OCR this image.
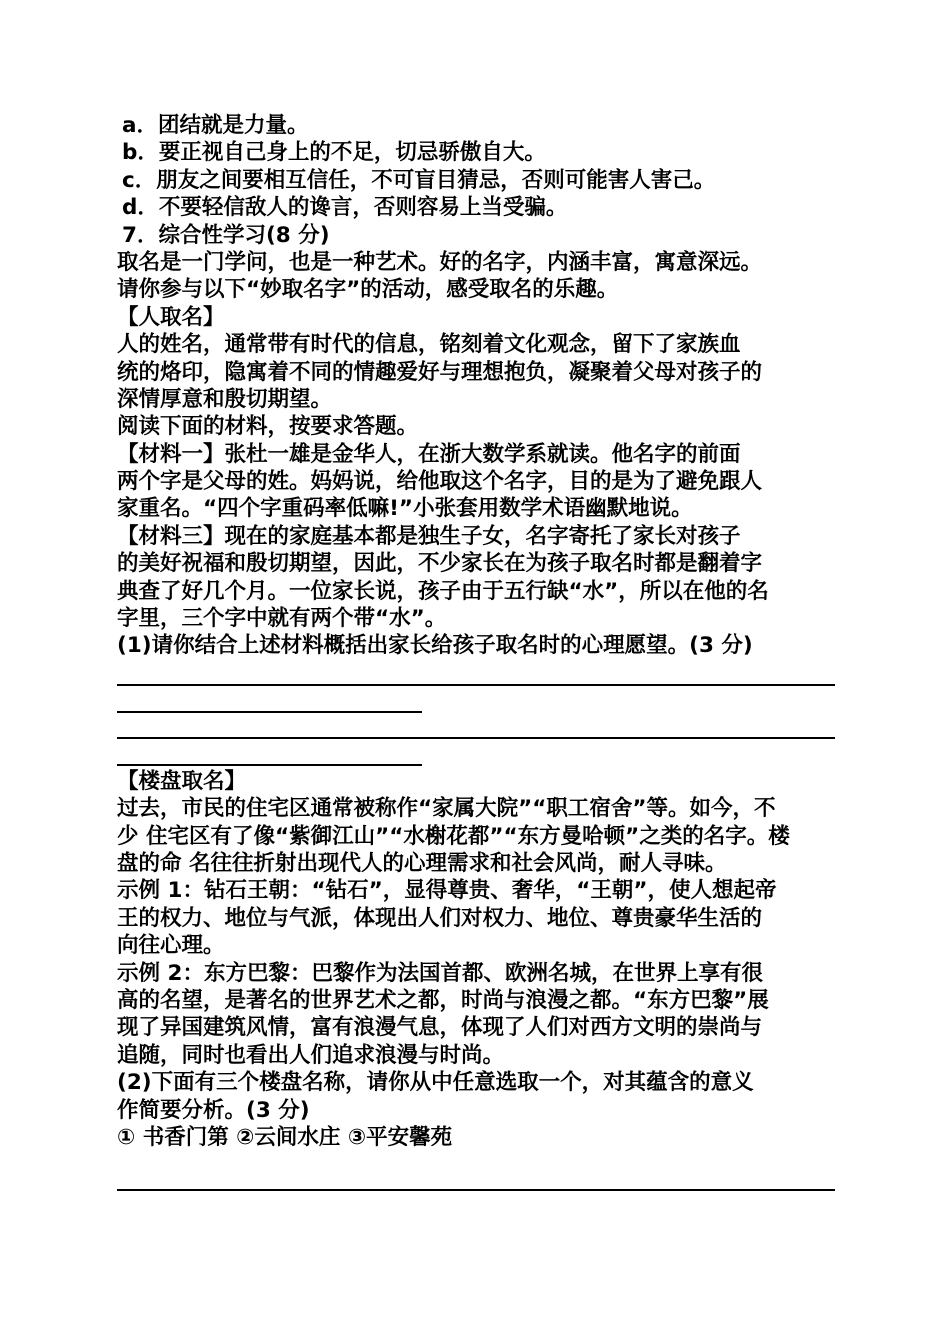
a．团结就是力量。
b．要正视自己身上的不足，切忌骄傲自大。
c．朋友之间要相互信任，不可盲目猜忌，否则可能害人害己。
d．不要轻信敌人的谗言，否则容易上当受骗。
7．综合性学习(8 分)
取名是一门学问，也是一种艺术。好的名字，内涵丰富，寓意深远。
请你参与以下“妙取名字”的活动，感受取名的乐趣。
【人取名】
人的姓名，通常带有时代的信息，铭刻着文化观念，留下了家族血
统的烙印，隐寓着不同的情趣爱好与理想抱负，凝聚着父母对孩子的
深情厚意和殷切期望。
阅读下面的材料，按要求答题。
【材料一】张杜一雄是金华人，在浙大数学系就读。他名字的前面
两个字是父母的姓。妈妈说，给他取这个名字，目的是为了避免跟人
家重名。“四个字重码率低嘛!”小张套用数学术语幽默地说。
【材料三】现在的家庭基本都是独生子女，名字寄托了家长对孩子
的美好祝福和殷切期望，因此，不少家长在为孩子取名时都是翻着字
典查了好几个月。一位家长说，孩子由于五行缺“水”，所以在他的名
字里，三个字中就有两个带“水”。
(1)请你结合上述材料概括出家长给孩子取名时的心理愿望。(3 分)
【楼盘取名】
过去，市民的住宅区通常被称作“家属大院”“职工宿舍”等。如今，不
少 住宅区有了像“紫御江山”“水榭花都”“东方曼哈顿”之类的名字。楼
盘的命 名往往折射出现代人的心理需求和社会风尚，耐人寻味。
示例 1：钻石王朝：“钻石”，显得尊贵、奢华，“王朝”，使人想起帝
王的权力、地位与气派，体现出人们对权力、地位、尊贵豪华生活的
向往心理。
示例 2：东方巴黎：巴黎作为法国首都、欧洲名城，在世界上享有很
高的名望，是著名的世界艺术之都，时尚与浪漫之都。“东方巴黎”展
现了异国建筑风情，富有浪漫气息，体现了人们对西方文明的崇尚与
追随，同时也看出人们追求浪漫与时尚。
(2)下面有三个楼盘名称，请你从中任意选取一个，对其蕴含的意义
作简要分析。(3 分)
① 书香门第 ②云间水庄 ③平安馨苑
